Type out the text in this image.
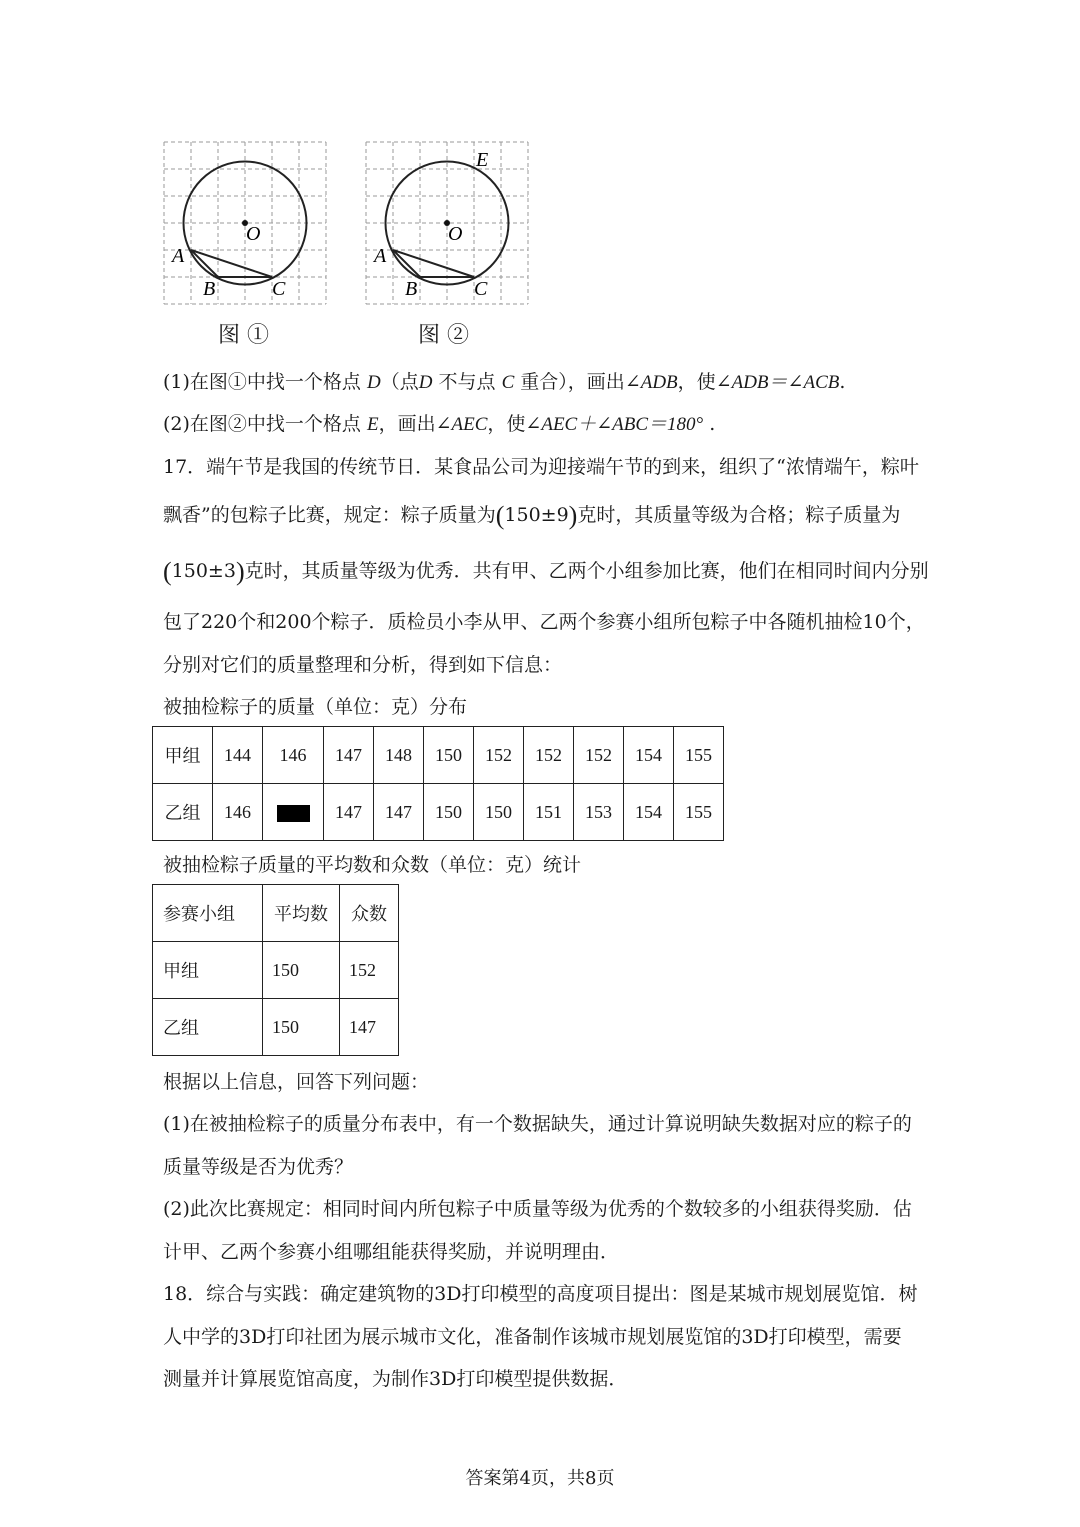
O
A
B	C
图 ①
O
A
B	C
E
图 ②
(1)在图①中找一个格点 D（点D 不与点 C 重合），画出∠ADB，使∠ADB＝∠ACB.
(2)在图②中找一个格点 E，画出∠AEC，使∠AEC＋∠ABC＝180° .
17．端午节是我国的传统节日．某食品公司为迎接端午节的到来，组织了“浓情端午，粽叶
飘香”的包粽子比赛，规定：粽子质量为(150±9)克时，其质量等级为合格；粽子质量为
(150±3)克时，其质量等级为优秀．共有甲、乙两个小组参加比赛，他们在相同时间内分别
包了220个和200个粽子．质检员小李从甲、乙两个参赛小组所包粽子中各随机抽检10个，
分别对它们的质量整理和分析，得到如下信息：
被抽检粽子的质量（单位：克）分布
甲组	144	146	147	148	150	152	152	152	154	155
乙组	146		147	147	150	150	151	153	154	155
被抽检粽子质量的平均数和众数（单位：克）统计
参赛小组	平均数	众数
甲组	150	152
乙组	150	147
根据以上信息，回答下列问题：
(1)在被抽检粽子的质量分布表中，有一个数据缺失，通过计算说明缺失数据对应的粽子的
质量等级是否为优秀？
(2)此次比赛规定：相同时间内所包粽子中质量等级为优秀的个数较多的小组获得奖励．估
计甲、乙两个参赛小组哪组能获得奖励，并说明理由．
18．综合与实践：确定建筑物的3D打印模型的高度项目提出：图是某城市规划展览馆．树
人中学的3D打印社团为展示城市文化，准备制作该城市规划展览馆的3D打印模型，需要
测量并计算展览馆高度，为制作3D打印模型提供数据．
答案第4页，共8页
